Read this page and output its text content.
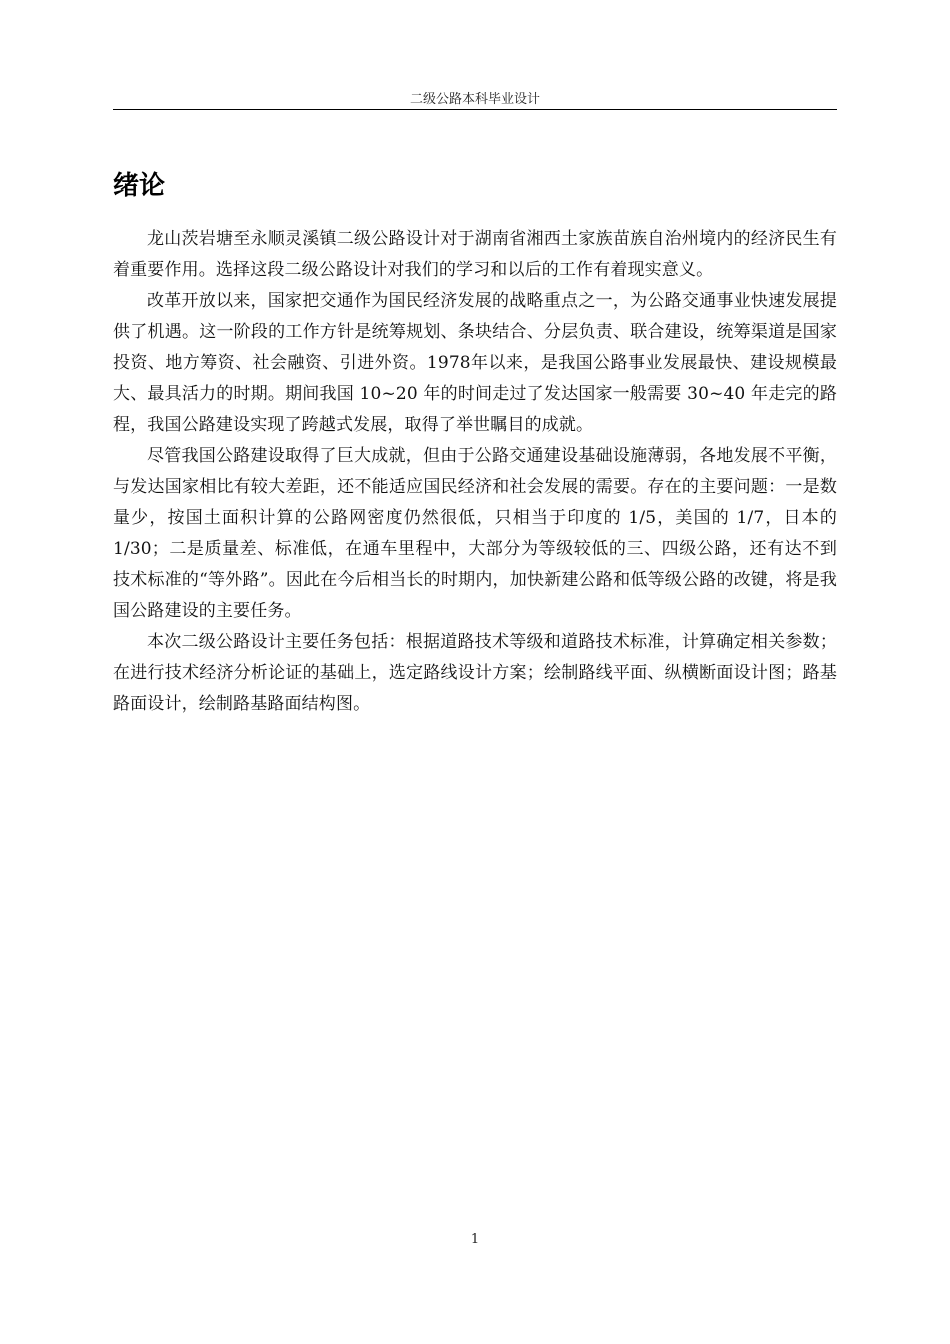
二级公路本科毕业设计
绪论

龙山茨岩塘至永顺灵溪镇二级公路设计对于湖南省湘西土家族苗族自治州境内的经济民生有着重要作用。选择这段二级公路设计对我们的学习和以后的工作有着现实意义。

改革开放以来，国家把交通作为国民经济发展的战略重点之一，为公路交通事业快速发展提供了机遇。这一阶段的工作方针是统筹规划、条块结合、分层负责、联合建设，统筹渠道是国家投资、地方筹资、社会融资、引进外资。1978年以来，是我国公路事业发展最快、建设规模最大、最具活力的时期。期间我国 10~20 年的时间走过了发达国家一般需要 30~40 年走完的路程，我国公路建设实现了跨越式发展，取得了举世瞩目的成就。

尽管我国公路建设取得了巨大成就，但由于公路交通建设基础设施薄弱，各地发展不平衡，与发达国家相比有较大差距，还不能适应国民经济和社会发展的需要。存在的主要问题：一是数量少，按国土面积计算的公路网密度仍然很低，只相当于印度的 1/5，美国的 1/7，日本的 1/30；二是质量差、标准低，在通车里程中，大部分为等级较低的三、四级公路，还有达不到技术标准的“等外路”。因此在今后相当长的时期内，加快新建公路和低等级公路的改键，将是我国公路建设的主要任务。

本次二级公路设计主要任务包括：根据道路技术等级和道路技术标准，计算确定相关参数；在进行技术经济分析论证的基础上，选定路线设计方案；绘制路线平面、纵横断面设计图；路基路面设计，绘制路基路面结构图。

1
